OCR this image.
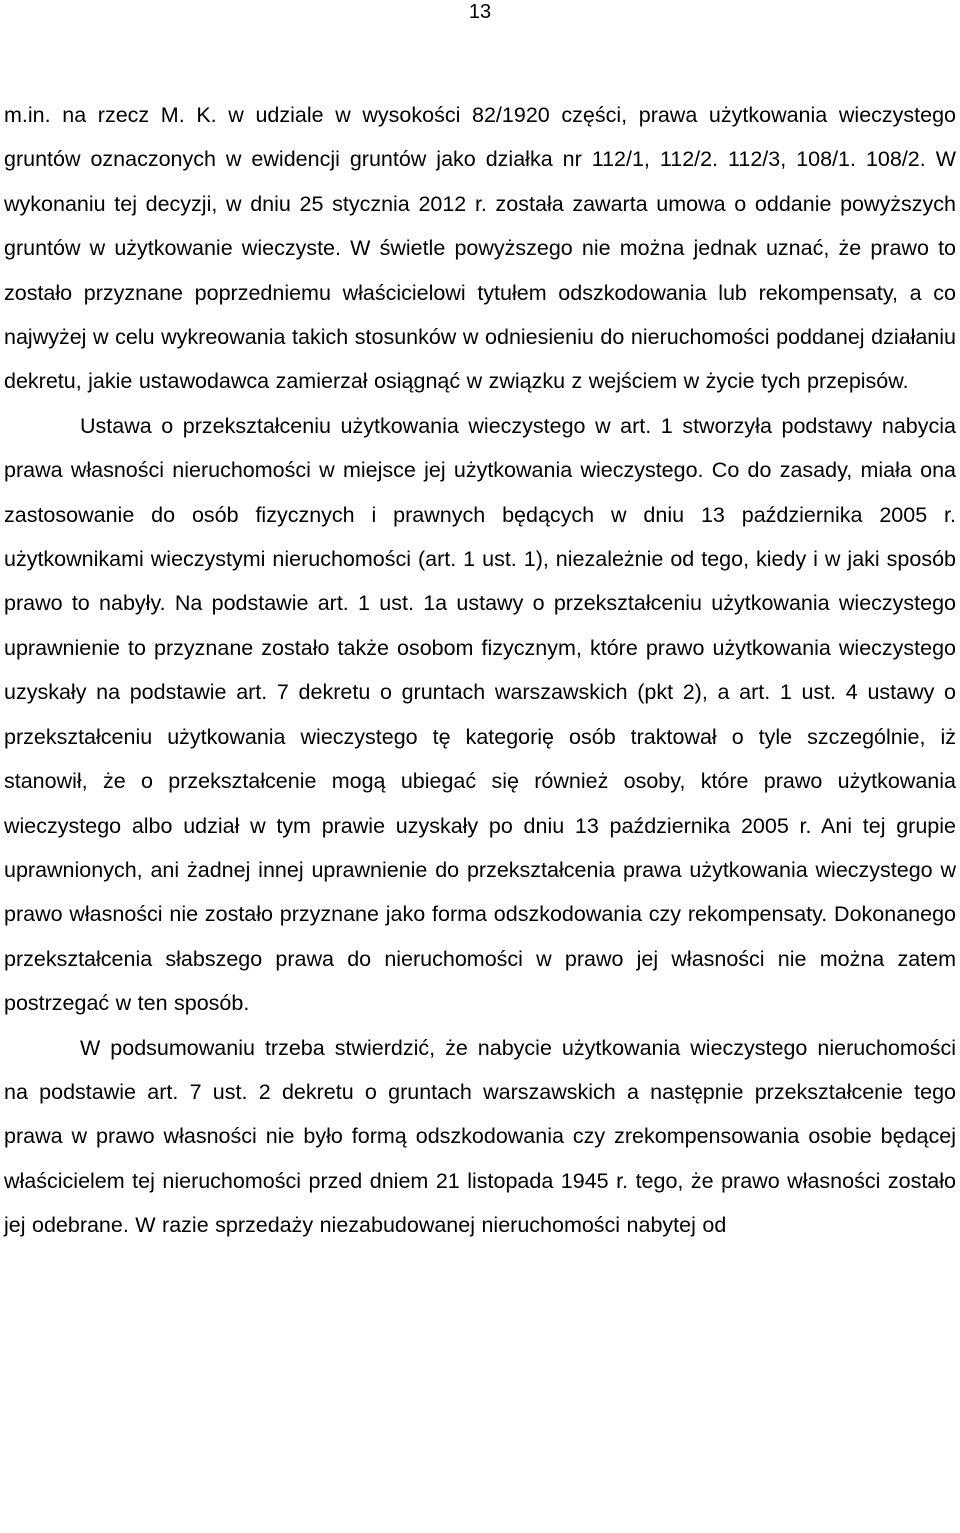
13

m.in. na rzecz M. K. w udziale w wysokości 82/1920 części, prawa użytkowania wieczystego gruntów oznaczonych w ewidencji gruntów jako działka nr 112/1, 112/2. 112/3, 108/1. 108/2. W wykonaniu tej decyzji, w dniu 25 stycznia 2012 r. została zawarta umowa o oddanie powyższych gruntów w użytkowanie wieczyste. W świetle powyższego nie można jednak uznać, że prawo to zostało przyznane poprzedniemu właścicielowi tytułem odszkodowania lub rekompensaty, a co najwyżej w celu wykreowania takich stosunków w odniesieniu do nieruchomości poddanej działaniu dekretu, jakie ustawodawca zamierzał osiągnąć w związku z wejściem w życie tych przepisów.

Ustawa o przekształceniu użytkowania wieczystego w art. 1 stworzyła podstawy nabycia prawa własności nieruchomości w miejsce jej użytkowania wieczystego. Co do zasady, miała ona zastosowanie do osób fizycznych i prawnych będących w dniu 13 października 2005 r. użytkownikami wieczystymi nieruchomości (art. 1 ust. 1), niezależnie od tego, kiedy i w jaki sposób prawo to nabyły. Na podstawie art. 1 ust. 1a ustawy o przekształceniu użytkowania wieczystego uprawnienie to przyznane zostało także osobom fizycznym, które prawo użytkowania wieczystego uzyskały na podstawie art. 7 dekretu o gruntach warszawskich (pkt 2), a art. 1 ust. 4 ustawy o przekształceniu użytkowania wieczystego tę kategorię osób traktował o tyle szczególnie, iż stanowił, że o przekształcenie mogą ubiegać się również osoby, które prawo użytkowania wieczystego albo udział w tym prawie uzyskały po dniu 13 października 2005 r. Ani tej grupie uprawnionych, ani żadnej innej uprawnienie do przekształcenia prawa użytkowania wieczystego w prawo własności nie zostało przyznane jako forma odszkodowania czy rekompensaty. Dokonanego przekształcenia słabszego prawa do nieruchomości w prawo jej własności nie można zatem postrzegać w ten sposób.

W podsumowaniu trzeba stwierdzić, że nabycie użytkowania wieczystego nieruchomości na podstawie art. 7 ust. 2 dekretu o gruntach warszawskich a następnie przekształcenie tego prawa w prawo własności nie było formą odszkodowania czy zrekompensowania osobie będącej właścicielem tej nieruchomości przed dniem 21 listopada 1945 r. tego, że prawo własności zostało jej odebrane. W razie sprzedaży niezabudowanej nieruchomości nabytej od
